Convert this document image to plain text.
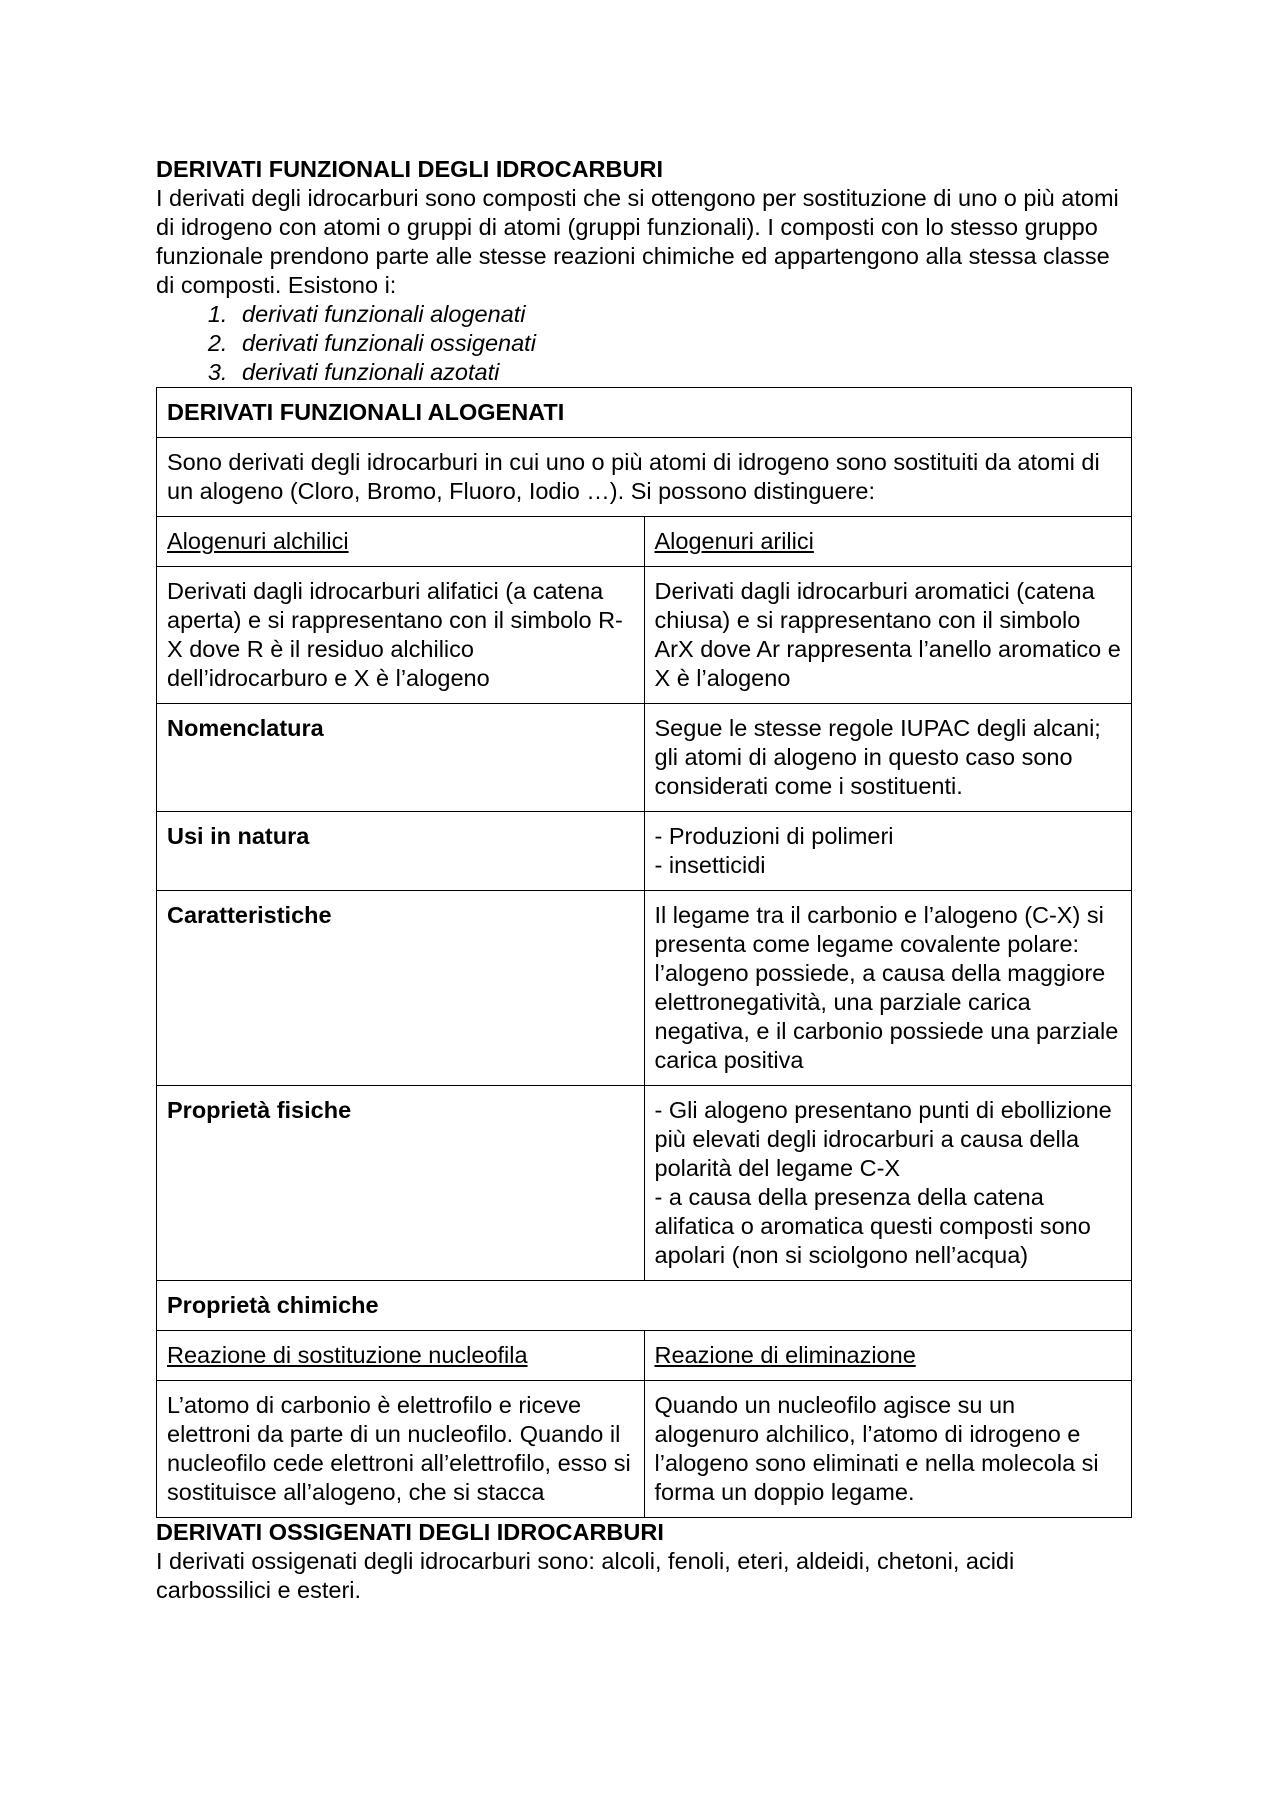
DERIVATI FUNZIONALI DEGLI IDROCARBURI

I derivati degli idrocarburi sono composti che si ottengono per sostituzione di uno o più atomi di idrogeno con atomi o gruppi di atomi (gruppi funzionali). I composti con lo stesso gruppo funzionale prendono parte alle stesse reazioni chimiche ed appartengono alla stessa classe di composti. Esistono i:

1. derivati funzionali alogenati
2. derivati funzionali ossigenati
3. derivati funzionali azotati
DERIVATI FUNZIONALI ALOGENATI	
Sono derivati degli idrocarburi in cui uno o più atomi di idrogeno sono sostituiti da atomi di un alogeno (Cloro, Bromo, Fluoro, Iodio …). Si possono distinguere:	
Alogenuri alchilici	Alogenuri arilici
Derivati dagli idrocarburi alifatici (a catena aperta) e si rappresentano con il simbolo R-X dove R è il residuo alchilico dell’idrocarburo e X è l’alogeno	Derivati dagli idrocarburi aromatici (catena chiusa) e si rappresentano con il simbolo ArX dove Ar rappresenta l’anello aromatico e X è l’alogeno
Nomenclatura	Segue le stesse regole IUPAC degli alcani; gli atomi di alogeno in questo caso sono considerati come i sostituenti.
Usi in natura	- Produzioni di polimeri
- insetticidi
Caratteristiche	Il legame tra il carbonio e l’alogeno (C-X) si presenta come legame covalente polare: l’alogeno possiede, a causa della maggiore elettronegatività, una parziale carica negativa, e il carbonio possiede una parziale carica positiva
Proprietà fisiche	- Gli alogeno presentano punti di ebollizione più elevati degli idrocarburi a causa della polarità del legame C-X
- a causa della presenza della catena alifatica o aromatica questi composti sono apolari (non si sciolgono nell’acqua)
Proprietà chimiche	
Reazione di sostituzione nucleofila	Reazione di eliminazione
L’atomo di carbonio è elettrofilo e riceve elettroni da parte di un nucleofilo. Quando il nucleofilo cede elettroni all’elettrofilo, esso si sostituisce all’alogeno, che si stacca	Quando un nucleofilo agisce su un alogenuro alchilico, l’atomo di idrogeno e l’alogeno sono eliminati e nella molecola si forma un doppio legame.
DERIVATI OSSIGENATI DEGLI IDROCARBURI

I derivati ossigenati degli idrocarburi sono: alcoli, fenoli, eteri, aldeidi, chetoni, acidi carbossilici e esteri.
